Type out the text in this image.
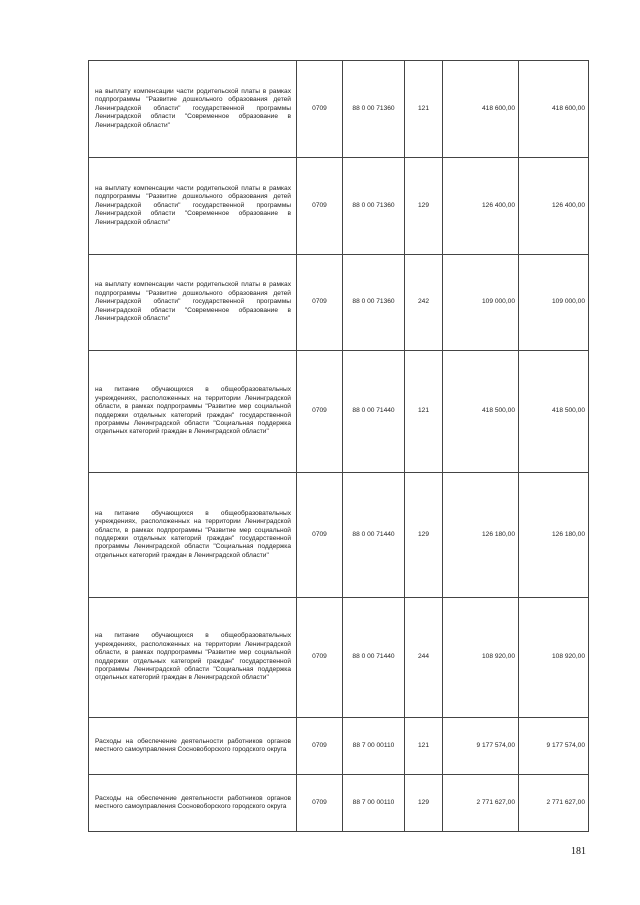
на выплату компенсации части родительской платы в рамках подпрограммы "Развитие дошкольного образования детей Ленинградской области" государственной программы Ленинградской области "Современное образование в Ленинградской области"	0709	88 0 00 71360	121	418 600,00	418 600,00
на выплату компенсации части родительской платы в рамках подпрограммы "Развитие дошкольного образования детей Ленинградской области" государственной программы Ленинградской области "Современное образование в Ленинградской области"	0709	88 0 00 71360	129	126 400,00	126 400,00
на выплату компенсации части родительской платы в рамках подпрограммы "Развитие дошкольного образования детей Ленинградской области" государственной программы Ленинградской области "Современное образование в Ленинградской области"	0709	88 0 00 71360	242	109 000,00	109 000,00
на питание обучающихся в общеобразовательных учреждениях, расположенных на территории Ленинградской области, в рамках подпрограммы "Развитие мер социальной поддержки отдельных категорий граждан" государственной программы Ленинградской области "Социальная поддержка отдельных категорий граждан в Ленинградской области"	0709	88 0 00 71440	121	418 500,00	418 500,00
на питание обучающихся в общеобразовательных учреждениях, расположенных на территории Ленинградской области, в рамках подпрограммы "Развитие мер социальной поддержки отдельных категорий граждан" государственной программы Ленинградской области "Социальная поддержка отдельных категорий граждан в Ленинградской области"	0709	88 0 00 71440	129	126 180,00	126 180,00
на питание обучающихся в общеобразовательных учреждениях, расположенных на территории Ленинградской области, в рамках подпрограммы "Развитие мер социальной поддержки отдельных категорий граждан" государственной программы Ленинградской области "Социальная поддержка отдельных категорий граждан в Ленинградской области"	0709	88 0 00 71440	244	108 920,00	108 920,00
Расходы на обеспечение деятельности работников органов местного самоуправления Сосновоборского городского округа	0709	88 7 00 00110	121	9 177 574,00	9 177 574,00
Расходы на обеспечение деятельности работников органов местного самоуправления Сосновоборского городского округа	0709	88 7 00 00110	129	2 771 627,00	2 771 627,00
181
